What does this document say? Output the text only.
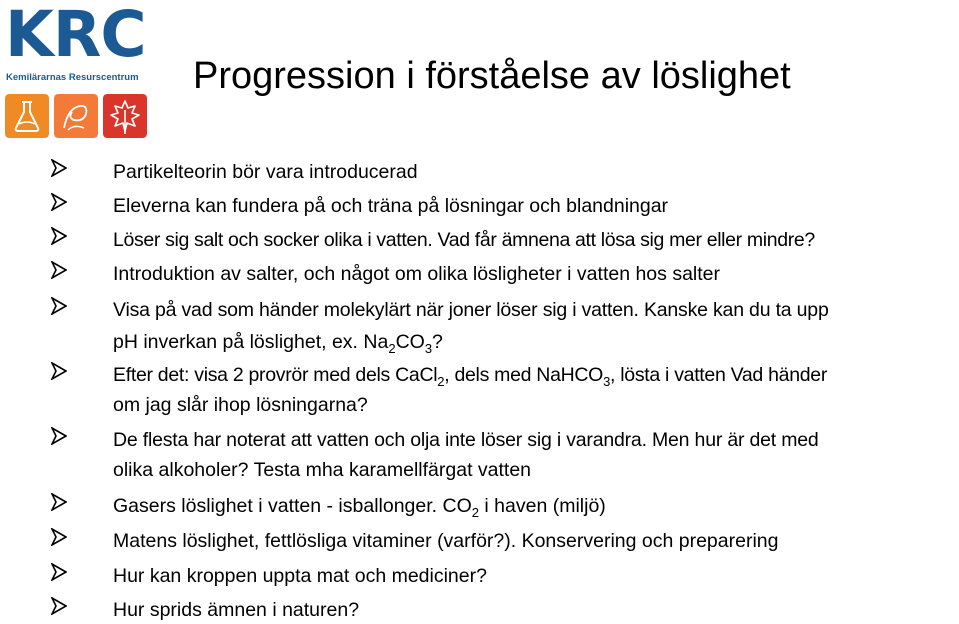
KRC
Kemilärarnas Resurscentrum Progression i förståelse av löslighet
Partikelteorin bör vara introducerad
Eleverna kan fundera på och träna på lösningar och blandningar
Löser sig salt och socker olika i vatten. Vad får ämnena att lösa sig mer eller mindre?
Introduktion av salter, och något om olika lösligheter i vatten hos salter
Visa på vad som händer molekylärt när joner löser sig i vatten. Kanske kan du ta upp
pH inverkan på löslighet, ex. $Na_2CO_3$?
Efter det: visa 2 provrör med dels CaCl$_2$, dels med NaHCO$_3$, lösta i vatten Vad händer
om jag slår ihop lösningarna?
De flesta har noterat att vatten och olja inte löser sig i varandra. Men hur är det med
olika alkoholer? Testa mha karamellfärgat vatten
Gasers löslighet i vatten - isballonger. $CO_2$ i haven (miljö)
Matens löslighet, fettlösliga vitaminer (varför?). Konservering och preparering
Hur kan kroppen uppta mat och mediciner?
Hur sprids ämnen i naturen?
